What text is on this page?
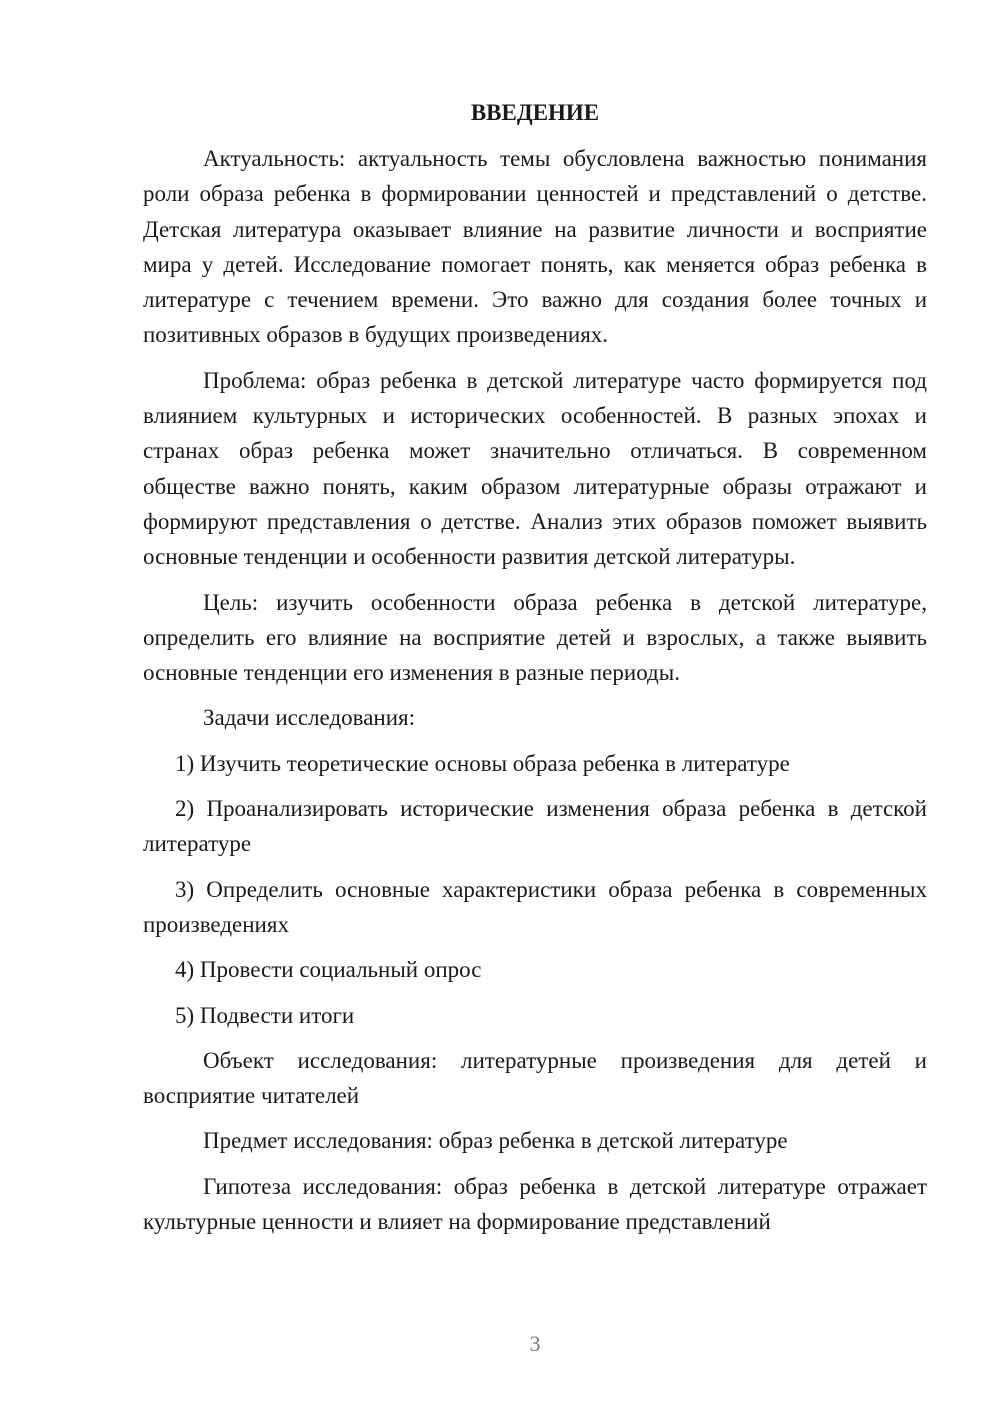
ВВЕДЕНИЕ

Актуальность: актуальность темы обусловлена важностью понимания роли образа ребенка в формировании ценностей и представлений о детстве. Детская литература оказывает влияние на развитие личности и восприятие мира у детей. Исследование помогает понять, как меняется образ ребенка в литературе с течением времени. Это важно для создания более точных и позитивных образов в будущих произведениях.

Проблема: образ ребенка в детской литературе часто формируется под влиянием культурных и исторических особенностей. В разных эпохах и странах образ ребенка может значительно отличаться. В современном обществе важно понять, каким образом литературные образы отражают и формируют представления о детстве. Анализ этих образов поможет выявить основные тенденции и особенности развития детской литературы.

Цель: изучить особенности образа ребенка в детской литературе, определить его влияние на восприятие детей и взрослых, а также выявить основные тенденции его изменения в разные периоды.

Задачи исследования:

1) Изучить теоретические основы образа ребенка в литературе

2) Проанализировать исторические изменения образа ребенка в детской литературе

3) Определить основные характеристики образа ребенка в современных произведениях

4) Провести социальный опрос

5) Подвести итоги

Объект исследования: литературные произведения для детей и восприятие читателей

Предмет исследования: образ ребенка в детской литературе

Гипотеза исследования: образ ребенка в детской литературе отражает культурные ценности и влияет на формирование представлений

3
